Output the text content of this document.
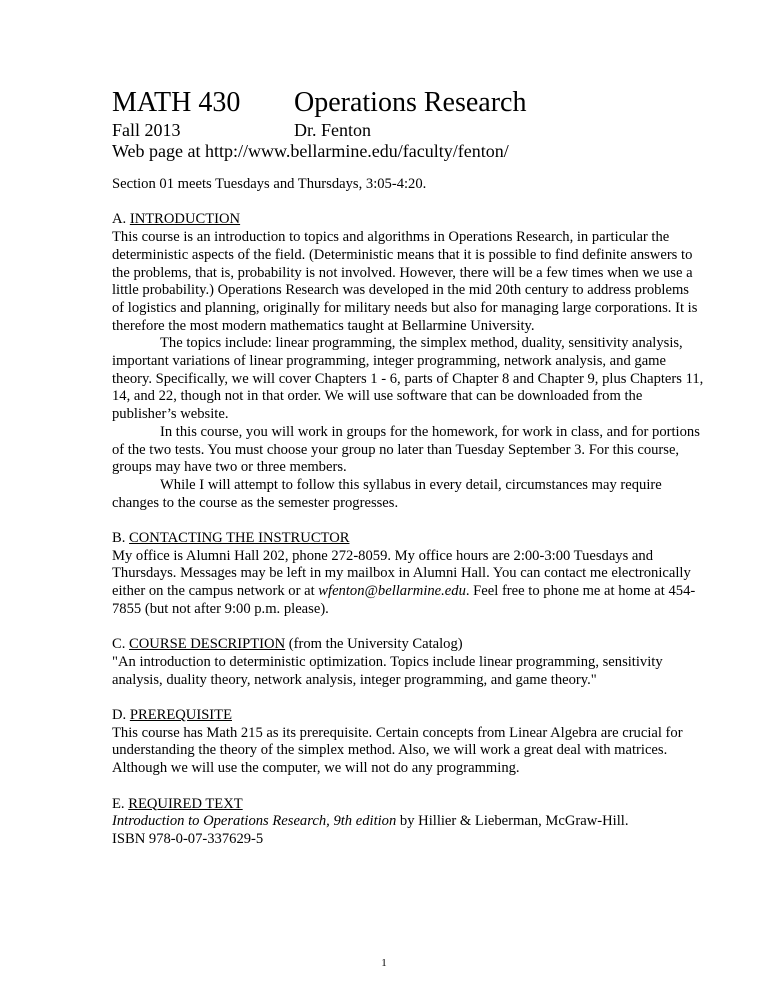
MATH 430 Operations Research
Fall 2013	Dr. Fenton
Web page at http://www.bellarmine.edu/faculty/fenton/

Section 01 meets Tuesdays and Thursdays, 3:05-4:20.

A. INTRODUCTION

This course is an introduction to topics and algorithms in Operations Research, in particular the deterministic aspects of the field. (Deterministic means that it is possible to find definite answers to the problems, that is, probability is not involved. However, there will be a few times when we use a little probability.) Operations Research was developed in the mid 20th century to address problems of logistics and planning, originally for military needs but also for managing large corporations. It is therefore the most modern mathematics taught at Bellarmine University.

The topics include: linear programming, the simplex method, duality, sensitivity analysis, important variations of linear programming, integer programming, network analysis, and game theory. Specifically, we will cover Chapters 1 - 6, parts of Chapter 8 and Chapter 9, plus Chapters 11, 14, and 22, though not in that order. We will use software that can be downloaded from the publisher’s website.

In this course, you will work in groups for the homework, for work in class, and for portions of the two tests. You must choose your group no later than Tuesday September 3. For this course, groups may have two or three members.

While I will attempt to follow this syllabus in every detail, circumstances may require changes to the course as the semester progresses.

B. CONTACTING THE INSTRUCTOR

My office is Alumni Hall 202, phone 272-8059. My office hours are 2:00-3:00 Tuesdays and Thursdays. Messages may be left in my mailbox in Alumni Hall. You can contact me electronically either on the campus network or at wfenton@bellarmine.edu. Feel free to phone me at home at 454-7855 (but not after 9:00 p.m. please).

C. COURSE DESCRIPTION (from the University Catalog)

"An introduction to deterministic optimization. Topics include linear programming, sensitivity analysis, duality theory, network analysis, integer programming, and game theory."

D. PREREQUISITE

This course has Math 215 as its prerequisite. Certain concepts from Linear Algebra are crucial for understanding the theory of the simplex method. Also, we will work a great deal with matrices. Although we will use the computer, we will not do any programming.

E. REQUIRED TEXT

Introduction to Operations Research, 9th edition by Hillier & Lieberman, McGraw-Hill.

ISBN 978-0-07-337629-5

1
